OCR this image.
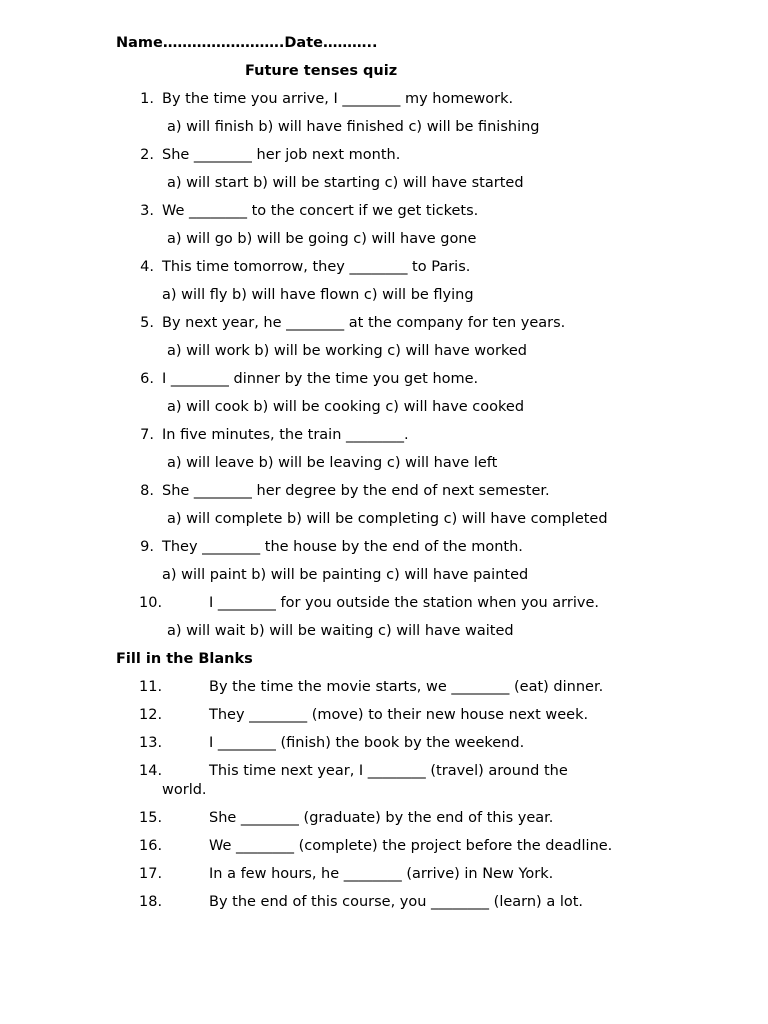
Name…………………….Date………..
Future tenses quiz
1. By the time you arrive, I ________ my homework.
a) will finish b) will have finished c) will be finishing
2. She ________ her job next month.
a) will start b) will be starting c) will have started
3. We ________ to the concert if we get tickets.
a) will go b) will be going c) will have gone
4. This time tomorrow, they ________ to Paris.
a) will fly b) will have flown c) will be flying
5. By next year, he ________ at the company for ten years.
a) will work b) will be working c) will have worked
6. I ________ dinner by the time you get home.
a) will cook b) will be cooking c) will have cooked
7. In five minutes, the train ________.
a) will leave b) will be leaving c) will have left
8. She ________ her degree by the end of next semester.
a) will complete b) will be completing c) will have completed
9. They ________ the house by the end of the month.
a) will paint b) will be painting c) will have painted
10.	I ________ for you outside the station when you arrive.
a) will wait b) will be waiting c) will have waited
Fill in the Blanks
11.	By the time the movie starts, we ________ (eat) dinner.
12.	They ________ (move) to their new house next week.
13.	I ________ (finish) the book by the weekend.
14.	This time next year, I ________ (travel) around the
world.
15.	She ________ (graduate) by the end of this year.
16.	We ________ (complete) the project before the deadline.
17.	In a few hours, he ________ (arrive) in New York.
18.	By the end of this course, you ________ (learn) a lot.
